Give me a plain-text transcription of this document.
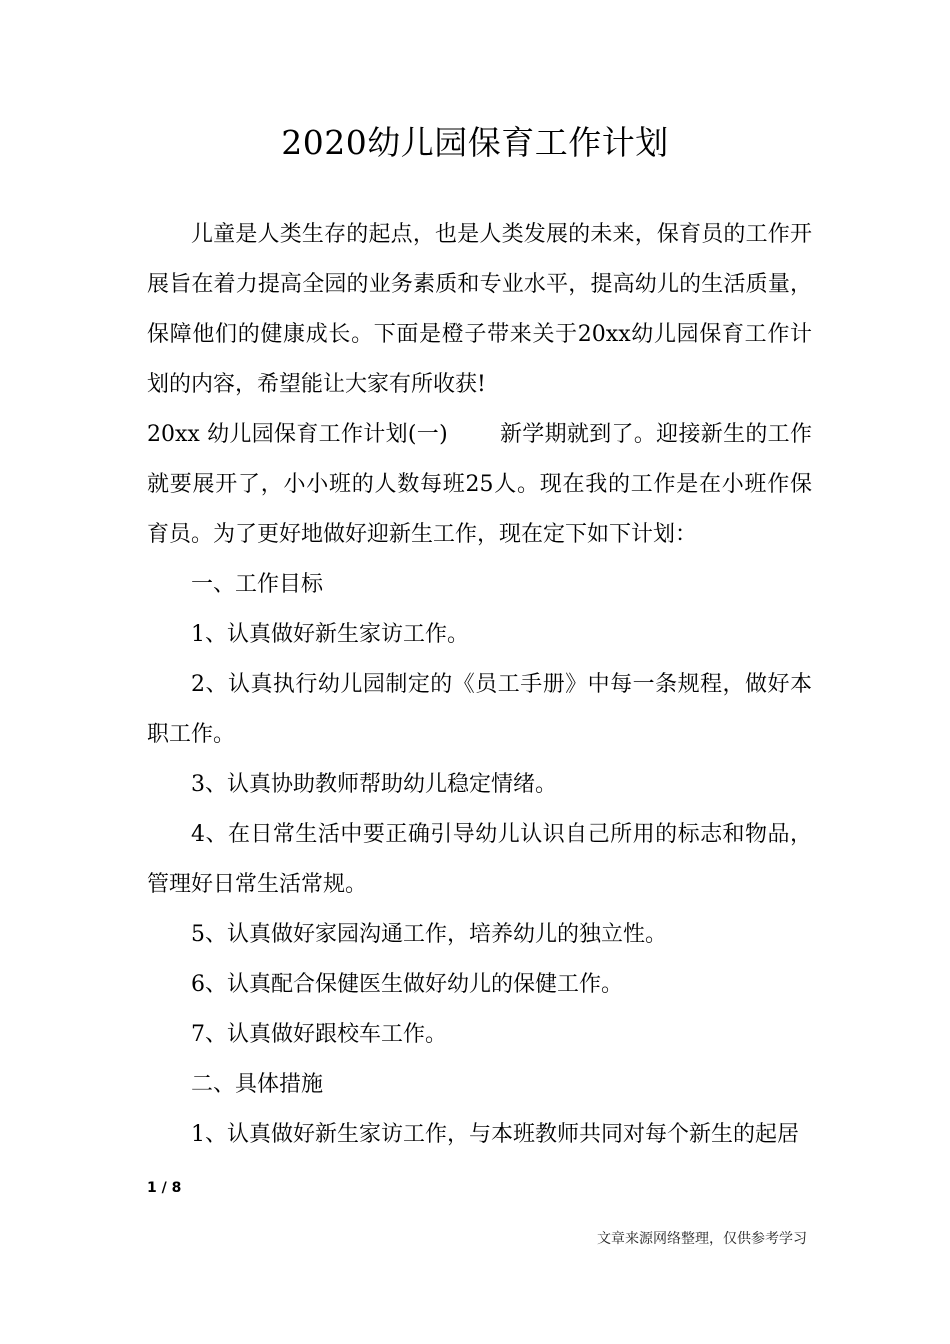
2020幼儿园保育工作计划

儿童是人类生存的起点，也是人类发展的未来，保育员的工作开展旨在着力提高全园的业务素质和专业水平，提高幼儿的生活质量，保障他们的健康成长。下面是橙子带来关于20xx幼儿园保育工作计划的内容，希望能让大家有所收获!

20xx 幼儿园保育工作计划(一) 新学期就到了。迎接新生的工作就要展开了，小小班的人数每班25人。现在我的工作是在小班作保育员。为了更好地做好迎新生工作，现在定下如下计划：

一、工作目标

1、认真做好新生家访工作。

2、认真执行幼儿园制定的《员工手册》中每一条规程，做好本职工作。

3、认真协助教师帮助幼儿稳定情绪。

4、在日常生活中要正确引导幼儿认识自己所用的标志和物品，管理好日常生活常规。

5、认真做好家园沟通工作，培养幼儿的独立性。

6、认真配合保健医生做好幼儿的保健工作。

7、认真做好跟校车工作。

二、具体措施

1、认真做好新生家访工作，与本班教师共同对每个新生的起居

1 / 8
文章来源网络整理，仅供参考学习
